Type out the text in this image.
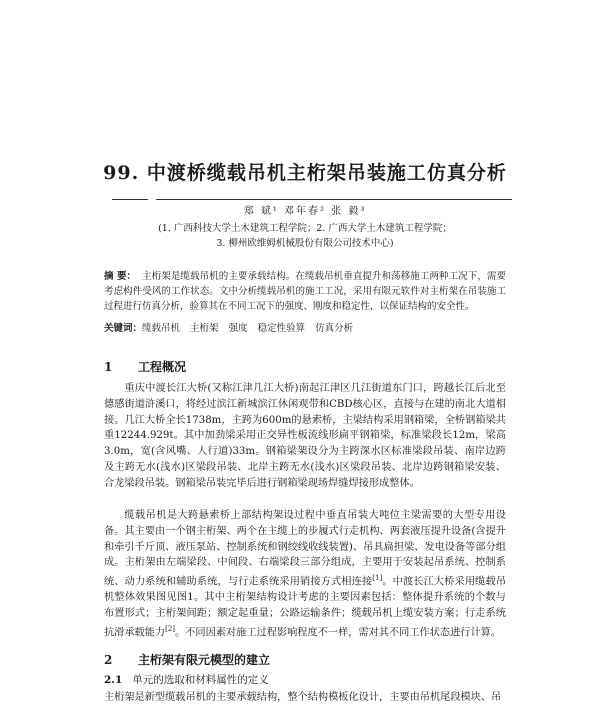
99. 中渡桥缆载吊机主桁架吊装施工仿真分析

郑 斌¹ 邓年春² 张 毅³

(1. 广西科技大学土木建筑工程学院；2. 广西大学土木建筑工程学院；

3. 柳州欧维姆机械股份有限公司技术中心)

摘 要： 主桁架是缆载吊机的主要承载结构。在缆载吊机垂直提升和荡移施工两种工况下，需要考虑构件受风的工作状态。文中分析缆载吊机的施工工况，采用有限元软件对主桁架在吊装施工过程进行仿真分析，验算其在不同工况下的强度、刚度和稳定性，以保证结构的安全性。

关键词：缆载吊机 主桁架 强度 稳定性验算 仿真分析

1 工程概况

重庆中渡长江大桥(又称江津几江大桥)南起江津区几江街道东门口，跨越长江后北至德感街道浒溪口，将经过滨江新城滨江休闲观带和CBD核心区，直接与在建的南北大道相接。几江大桥全长1738m，主跨为600m的悬索桥，主梁结构采用钢箱梁，全桥钢箱梁共重12244.929t。其中加劲梁采用正交异性板流线形扁平钢箱梁，标准梁段长12m，梁高3.0m，宽(含风嘴、人行道)33m。钢箱梁架设分为主跨深水区标准梁段吊装、南岸边跨及主跨无水(浅水)区梁段吊装、北岸主跨无水(浅水)区梁段吊装、北岸边跨钢箱梁安装、合龙梁段吊装。钢箱梁吊装完毕后进行钢箱梁现场焊缝焊接形成整体。

缆载吊机是大跨悬索桥上部结构架设过程中垂直吊装大吨位主梁需要的大型专用设备。其主要由一个钢主桁架、两个在主缆上的步履式行走机构、两套液压提升设备(含提升和牵引千斤顶、液压泵站、控制系统和钢绞线收线装置)、吊具扁担梁、发电设备等部分组成。主桁架由左端梁段、中间段、右端梁段三部分组成，主要用于安装起吊系统、控制系统、动力系统和辅助系统，与行走系统采用销接方式相连接[1]。中渡长江大桥采用缆载吊机整体效果图见图1。其中主桁架结构设计考虑的主要因素包括：整体提升系统的个数与布置形式；主桁架间距；额定起重量；公路运输条件；缆载吊机上缆安装方案；行走系统抗滑承载能力[2]。不同因素对施工过程影响程度不一样，需对其不同工作状态进行计算。

2 主桁架有限元模型的建立

2.1 单元的选取和材料属性的定义

主桁架是新型缆载吊机的主要承载结构，整个结构模板化设计，主要由吊机尾段模块、吊
